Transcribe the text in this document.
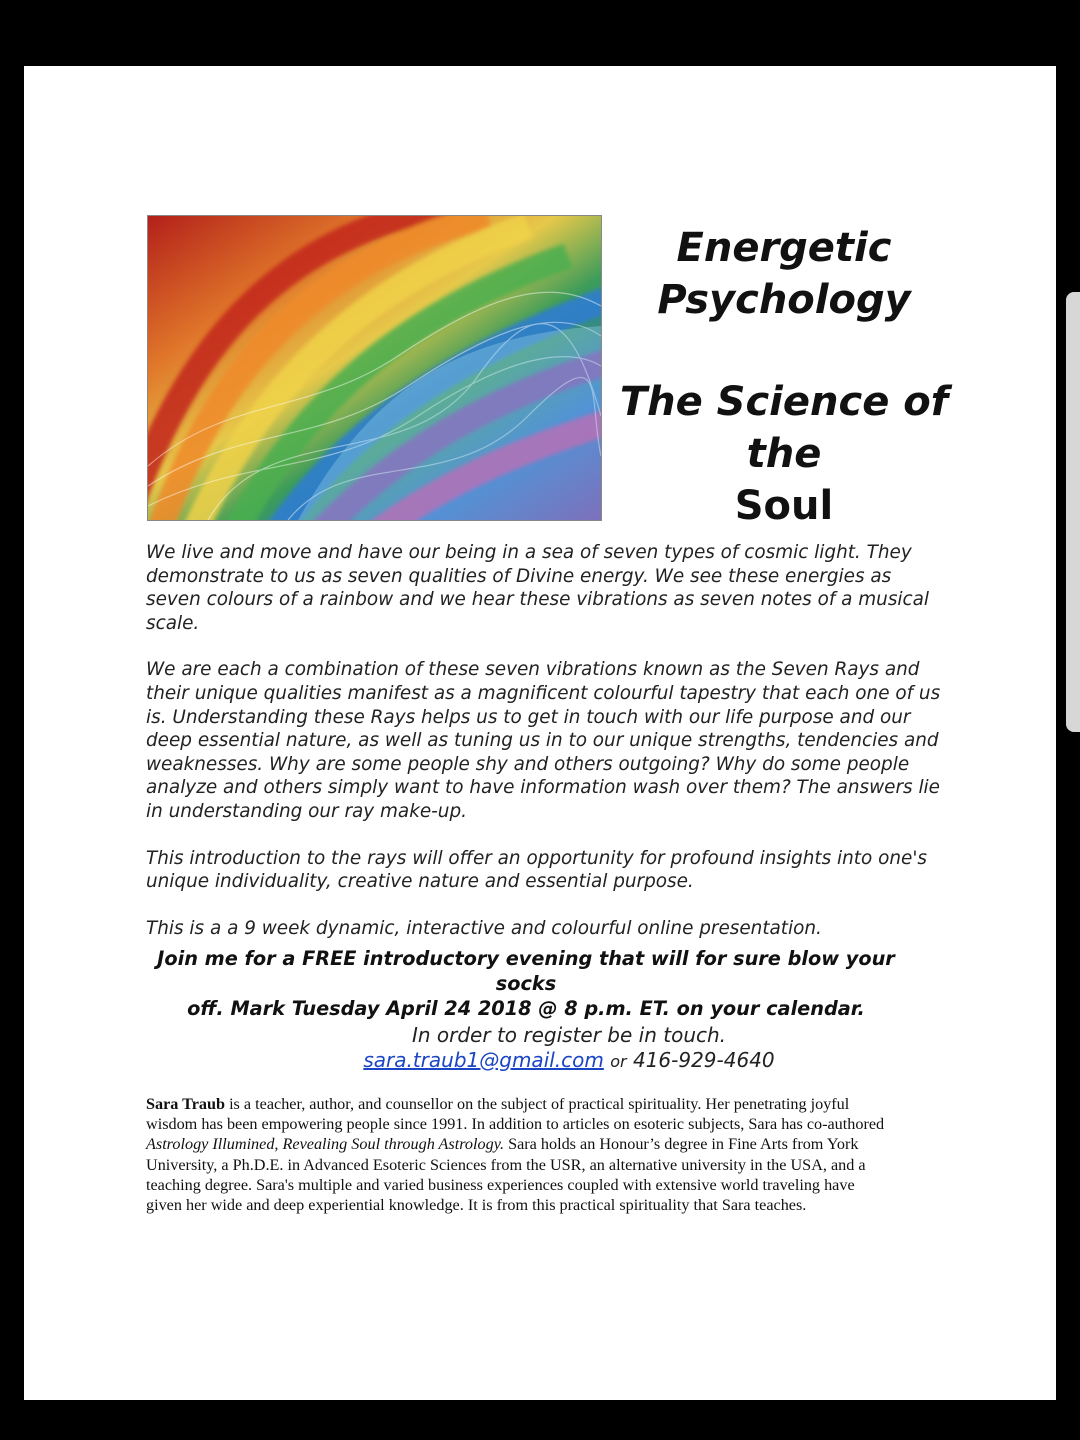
Energetic
Psychology
The Science of the
Soul

We live and move and have our being in a sea of seven types of cosmic light. They demonstrate to us as seven qualities of Divine energy. We see these energies as seven colours of a rainbow and we hear these vibrations as seven notes of a musical scale.

We are each a combination of these seven vibrations known as the Seven Rays and their unique qualities manifest as a magnificent colourful tapestry that each one of us is. Understanding these Rays helps us to get in touch with our life purpose and our deep essential nature, as well as tuning us in to our unique strengths, tendencies and weaknesses. Why are some people shy and others outgoing? Why do some people analyze and others simply want to have information wash over them? The answers lie in understanding our ray make-up.

This introduction to the rays will offer an opportunity for profound insights into one's unique individuality, creative nature and essential purpose.

This is a a 9 week dynamic, interactive and colourful online presentation.

Join me for a FREE introductory evening that will for sure blow your socks
off. Mark Tuesday April 24 2018 @ 8 p.m. ET. on your calendar.
In order to register be in touch.
sara.traub1@gmail.com or 416-929-4640
Sara Traub is a teacher, author, and counsellor on the subject of practical spirituality. Her penetrating joyful wisdom has been empowering people since 1991. In addition to articles on esoteric subjects, Sara has co-authored Astrology Illumined, Revealing Soul through Astrology. Sara holds an Honour’s degree in Fine Arts from York University, a Ph.D.E. in Advanced Esoteric Sciences from the USR, an alternative university in the USA, and a teaching degree. Sara's multiple and varied business experiences coupled with extensive world traveling have given her wide and deep experiential knowledge. It is from this practical spirituality that Sara teaches.
